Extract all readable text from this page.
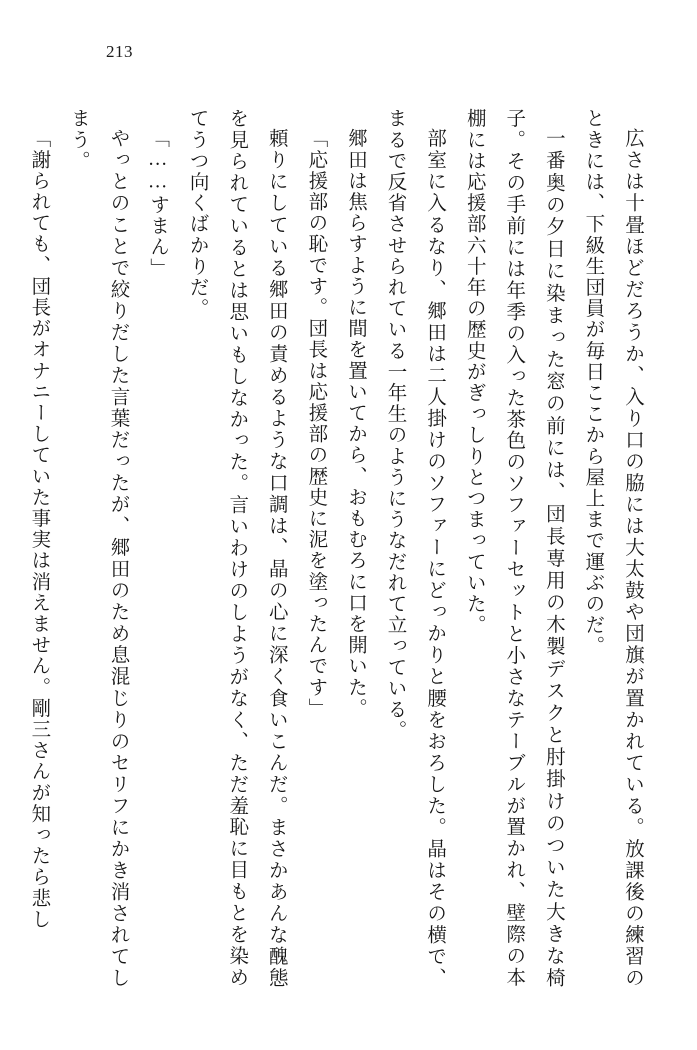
213

広さは十畳ほどだろうか、入り口の脇には大太鼓や団旗が置かれている。放課後の練習のときには、下級生団員が毎日ここから屋上まで運ぶのだ。

一番奥の夕日に染まった窓の前には、団長専用の木製デスクと肘掛けのついた大きな椅子。その手前には年季の入った茶色のソファーセットと小さなテーブルが置かれ、壁際の本棚には応援部六十年の歴史がぎっしりとつまっていた。

部室に入るなり、郷田は二人掛けのソファーにどっかりと腰をおろした。晶はその横で、まるで反省させられている一年生のようにうなだれて立っている。

郷田は焦らすように間を置いてから、おもむろに口を開いた。

「応援部の恥です。団長は応援部の歴史に泥を塗ったんです」

頼りにしている郷田の責めるような口調は、晶の心に深く食いこんだ。まさかあんな醜態を見られているとは思いもしなかった。言いわけのしようがなく、ただ羞恥に目もとを染めてうつ向くばかりだ。

「……すまん」

やっとのことで絞りだした言葉だったが、郷田のため息混じりのセリフにかき消されてしまう。

「謝られても、団長がオナニーしていた事実は消えません。剛三さんが知ったら悲し
